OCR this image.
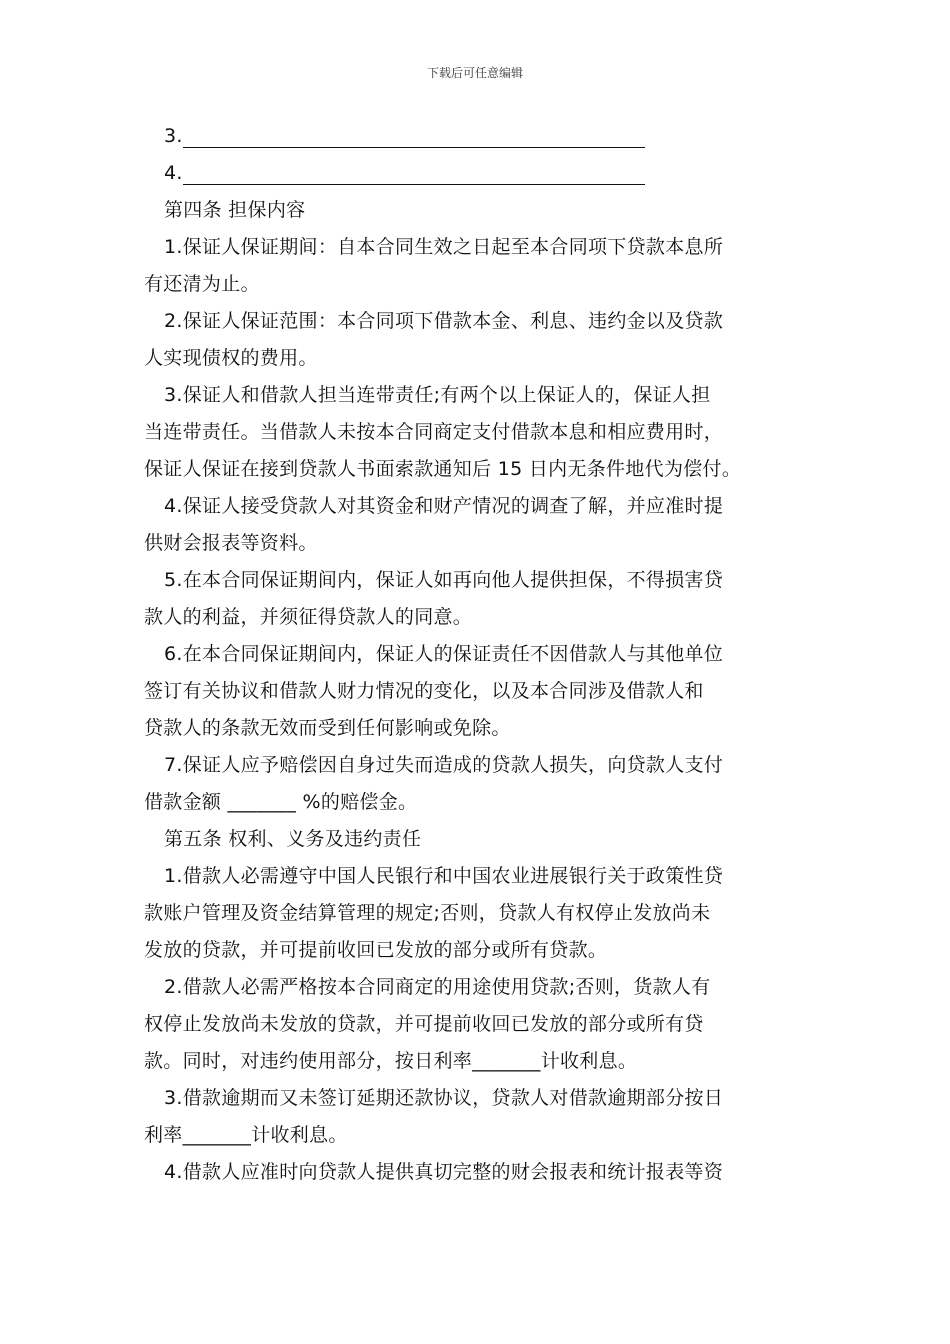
下载后可任意编辑
3.
4.
第四条 担保内容
1.保证人保证期间：自本合同生效之日起至本合同项下贷款本息所
有还清为止。
2.保证人保证范围：本合同项下借款本金、利息、违约金以及贷款
人实现债权的费用。
3.保证人和借款人担当连带责任;有两个以上保证人的，保证人担
当连带责任。当借款人未按本合同商定支付借款本息和相应费用时，
保证人保证在接到贷款人书面索款通知后 15 日内无条件地代为偿付。
4.保证人接受贷款人对其资金和财产情况的调查了解，并应准时提
供财会报表等资料。
5.在本合同保证期间内，保证人如再向他人提供担保，不得损害贷
款人的利益，并须征得贷款人的同意。
6.在本合同保证期间内，保证人的保证责任不因借款人与其他单位
签订有关协议和借款人财力情况的变化，以及本合同涉及借款人和
贷款人的条款无效而受到任何影响或免除。
7.保证人应予赔偿因自身过失而造成的贷款人损失，向贷款人支付
借款金额 _______ %的赔偿金。
第五条 权利、义务及违约责任
1.借款人必需遵守中国人民银行和中国农业进展银行关于政策性贷
款账户管理及资金结算管理的规定;否则，贷款人有权停止发放尚未
发放的贷款，并可提前收回已发放的部分或所有贷款。
2.借款人必需严格按本合同商定的用途使用贷款;否则，货款人有
权停止发放尚未发放的贷款，并可提前收回已发放的部分或所有贷
款。同时，对违约使用部分，按日利率_______计收利息。
3.借款逾期而又未签订延期还款协议，贷款人对借款逾期部分按日
利率_______计收利息。
4.借款人应准时向贷款人提供真切完整的财会报表和统计报表等资
